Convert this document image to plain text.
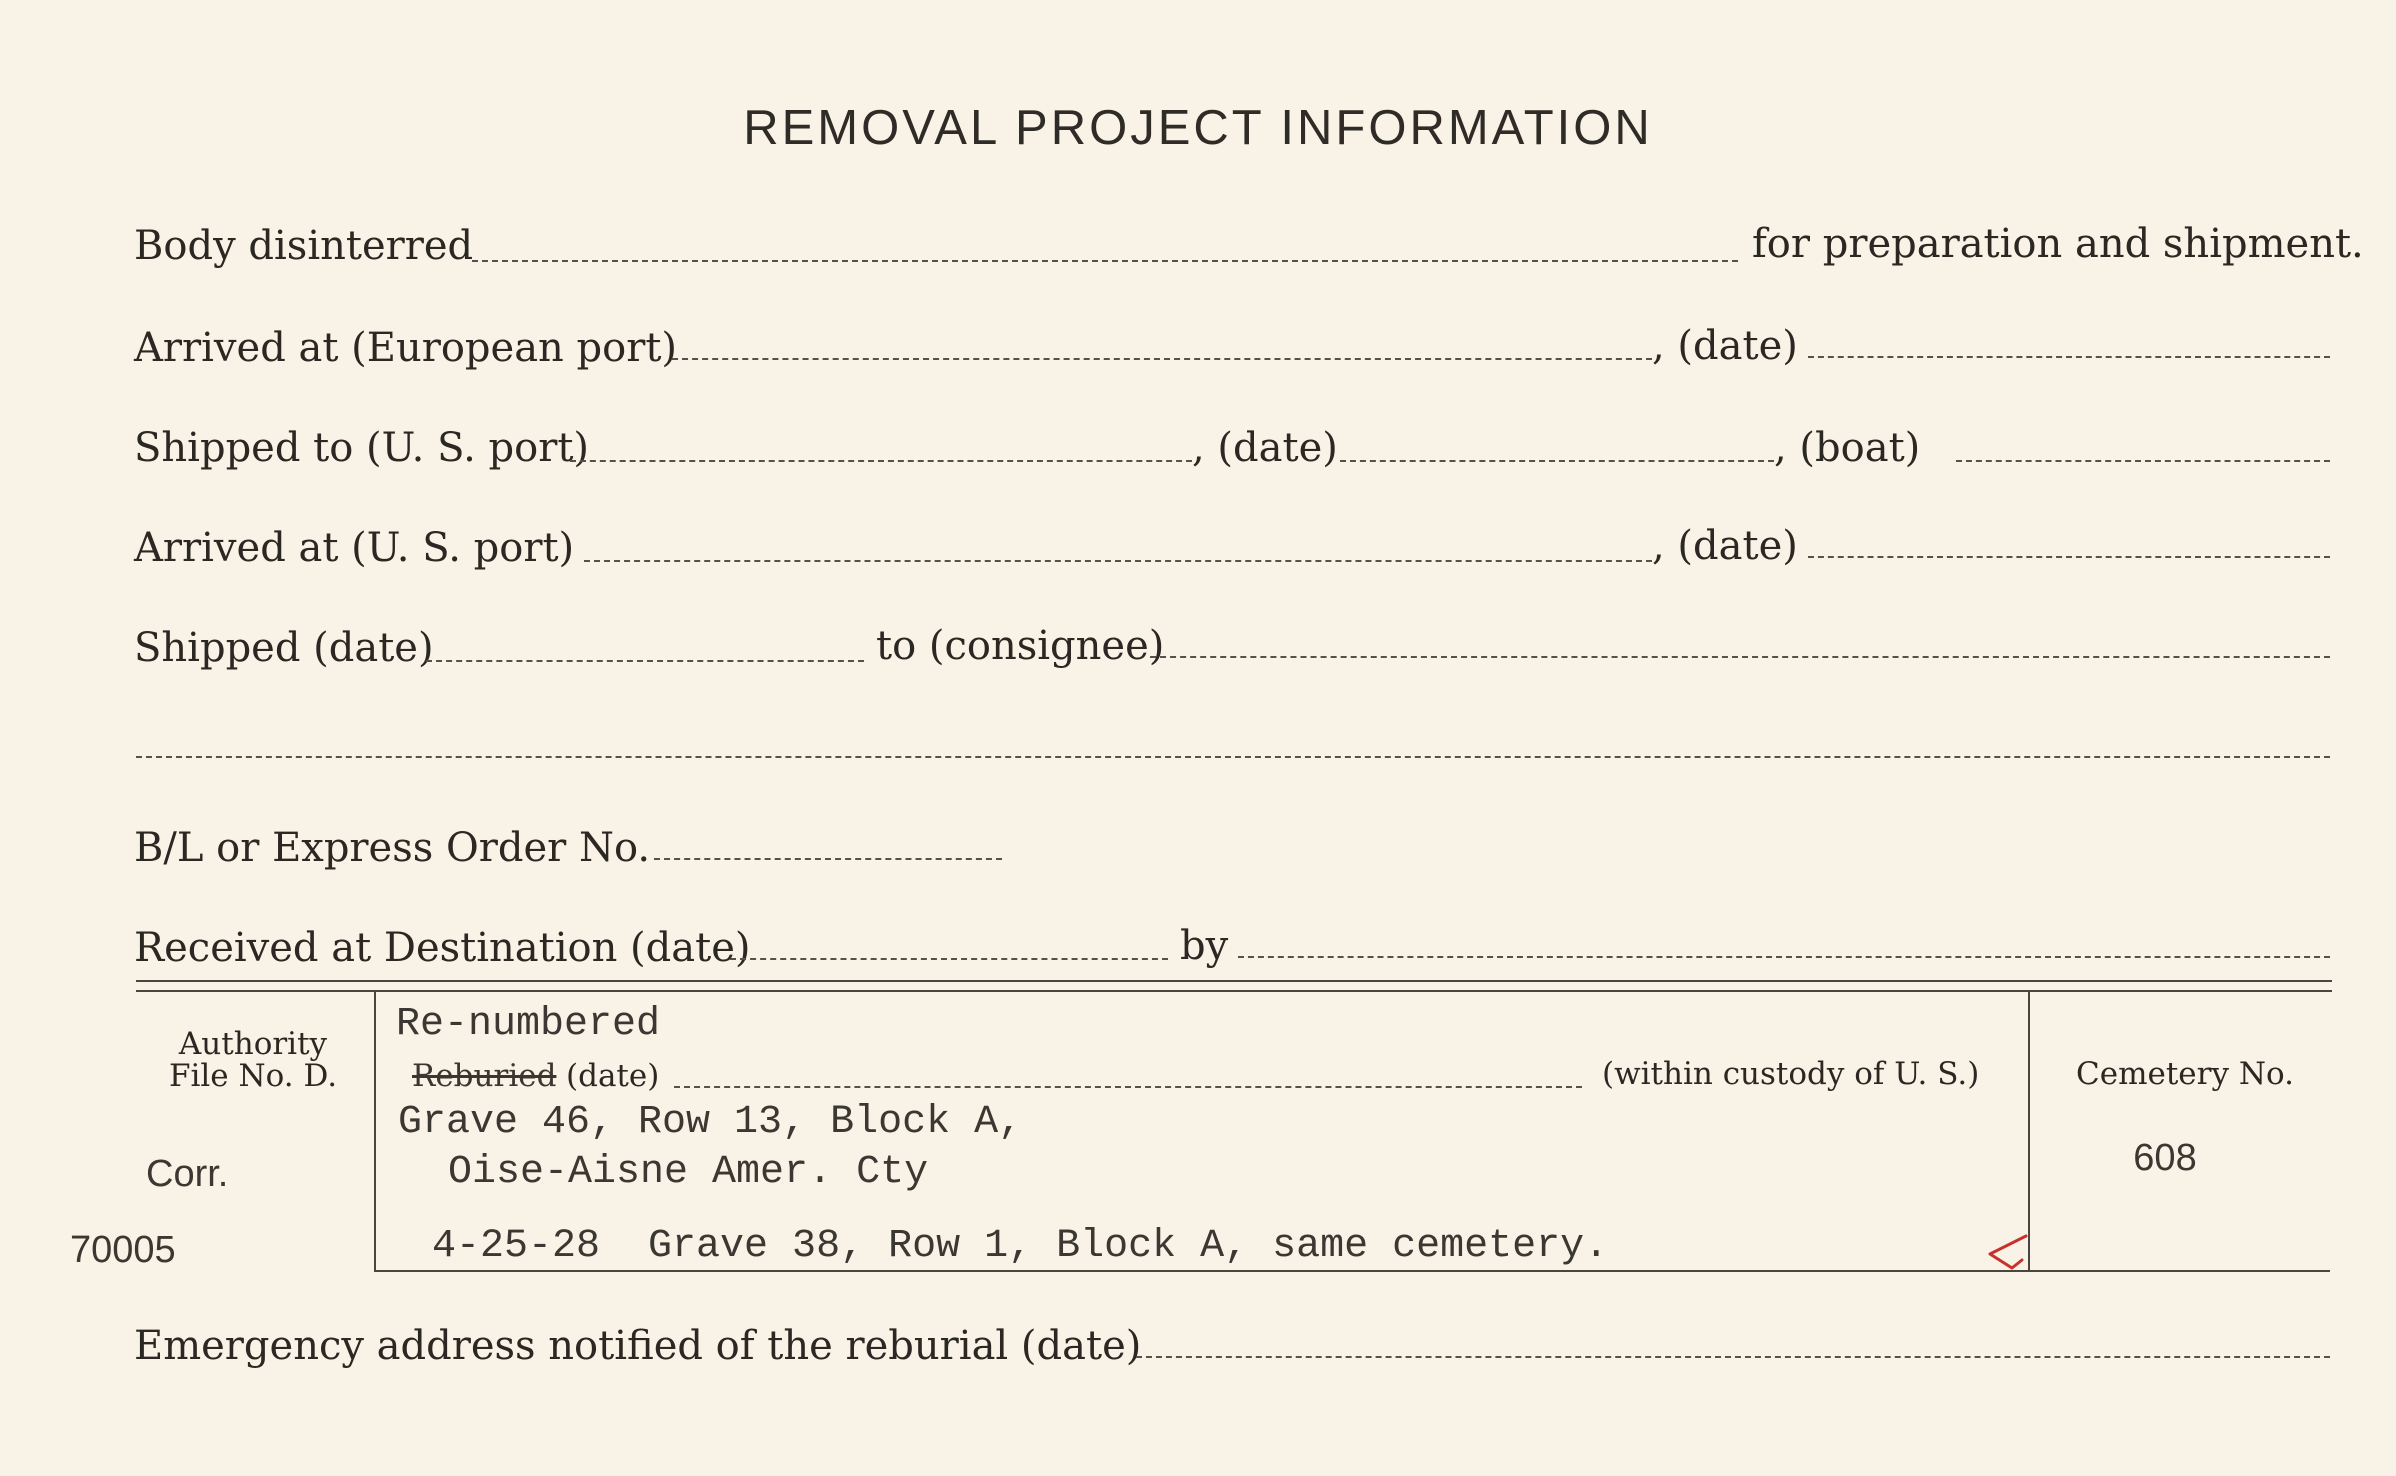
REMOVAL PROJECT INFORMATION
Body disinterred	for preparation and shipment.
Arrived at (European port)	, (date)
Shipped to (U. S. port)	, (date)	, (boat)
Arrived at (U. S. port)	, (date)
Shipped (date)	to (consignee)
B/L or Express Order No.
Received at Destination (date)	by
Authority
File No. D.
Corr.
70005
Re-numbered
Reburied (date)	(within custody of U. S.)
Grave 46, Row 13, Block A,
Oise-Aisne Amer. Cty
4-25-28  Grave 38, Row 1, Block A, same cemetery.
Cemetery No.
608
Emergency address notified of the reburial (date)
